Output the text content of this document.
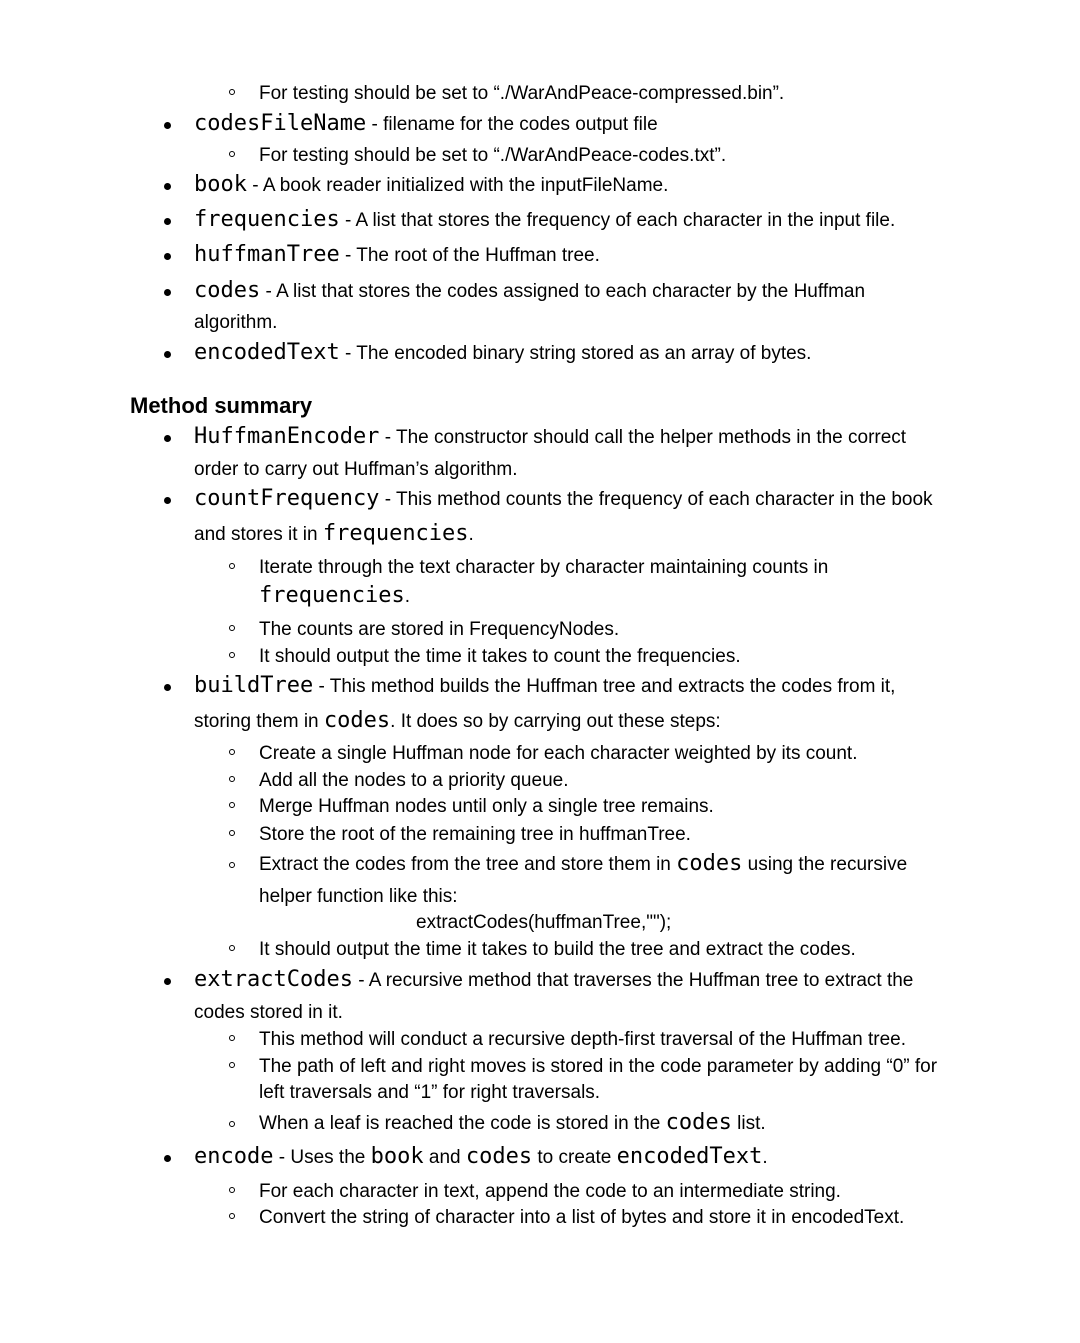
For testing should be set to “./WarAndPeace-compressed.bin”.
codesFileName - filename for the codes output file
For testing should be set to “./WarAndPeace-codes.txt”.
book - A book reader initialized with the inputFileName.
frequencies - A list that stores the frequency of each character in the input file.
huffmanTree - The root of the Huffman tree.
codes - A list that stores the codes assigned to each character by the Huffman
algorithm.
encodedText - The encoded binary string stored as an array of bytes.
Method summary
HuffmanEncoder - The constructor should call the helper methods in the correct
order to carry out Huffman’s algorithm.
countFrequency - This method counts the frequency of each character in the book
and stores it in frequencies.
Iterate through the text character by character maintaining counts in
frequencies.
The counts are stored in FrequencyNodes.
It should output the time it takes to count the frequencies.
buildTree - This method builds the Huffman tree and extracts the codes from it,
storing them in codes. It does so by carrying out these steps:
Create a single Huffman node for each character weighted by its count.
Add all the nodes to a priority queue.
Merge Huffman nodes until only a single tree remains.
Store the root of the remaining tree in huffmanTree.
Extract the codes from the tree and store them in codes using the recursive
helper function like this:
extractCodes(huffmanTree,"");
It should output the time it takes to build the tree and extract the codes.
extractCodes - A recursive method that traverses the Huffman tree to extract the
codes stored in it.
This method will conduct a recursive depth-first traversal of the Huffman tree.
The path of left and right moves is stored in the code parameter by adding “0” for
left traversals and “1” for right traversals.
When a leaf is reached the code is stored in the codes list.
encode - Uses the book and codes to create encodedText.
For each character in text, append the code to an intermediate string.
Convert the string of character into a list of bytes and store it in encodedText.
